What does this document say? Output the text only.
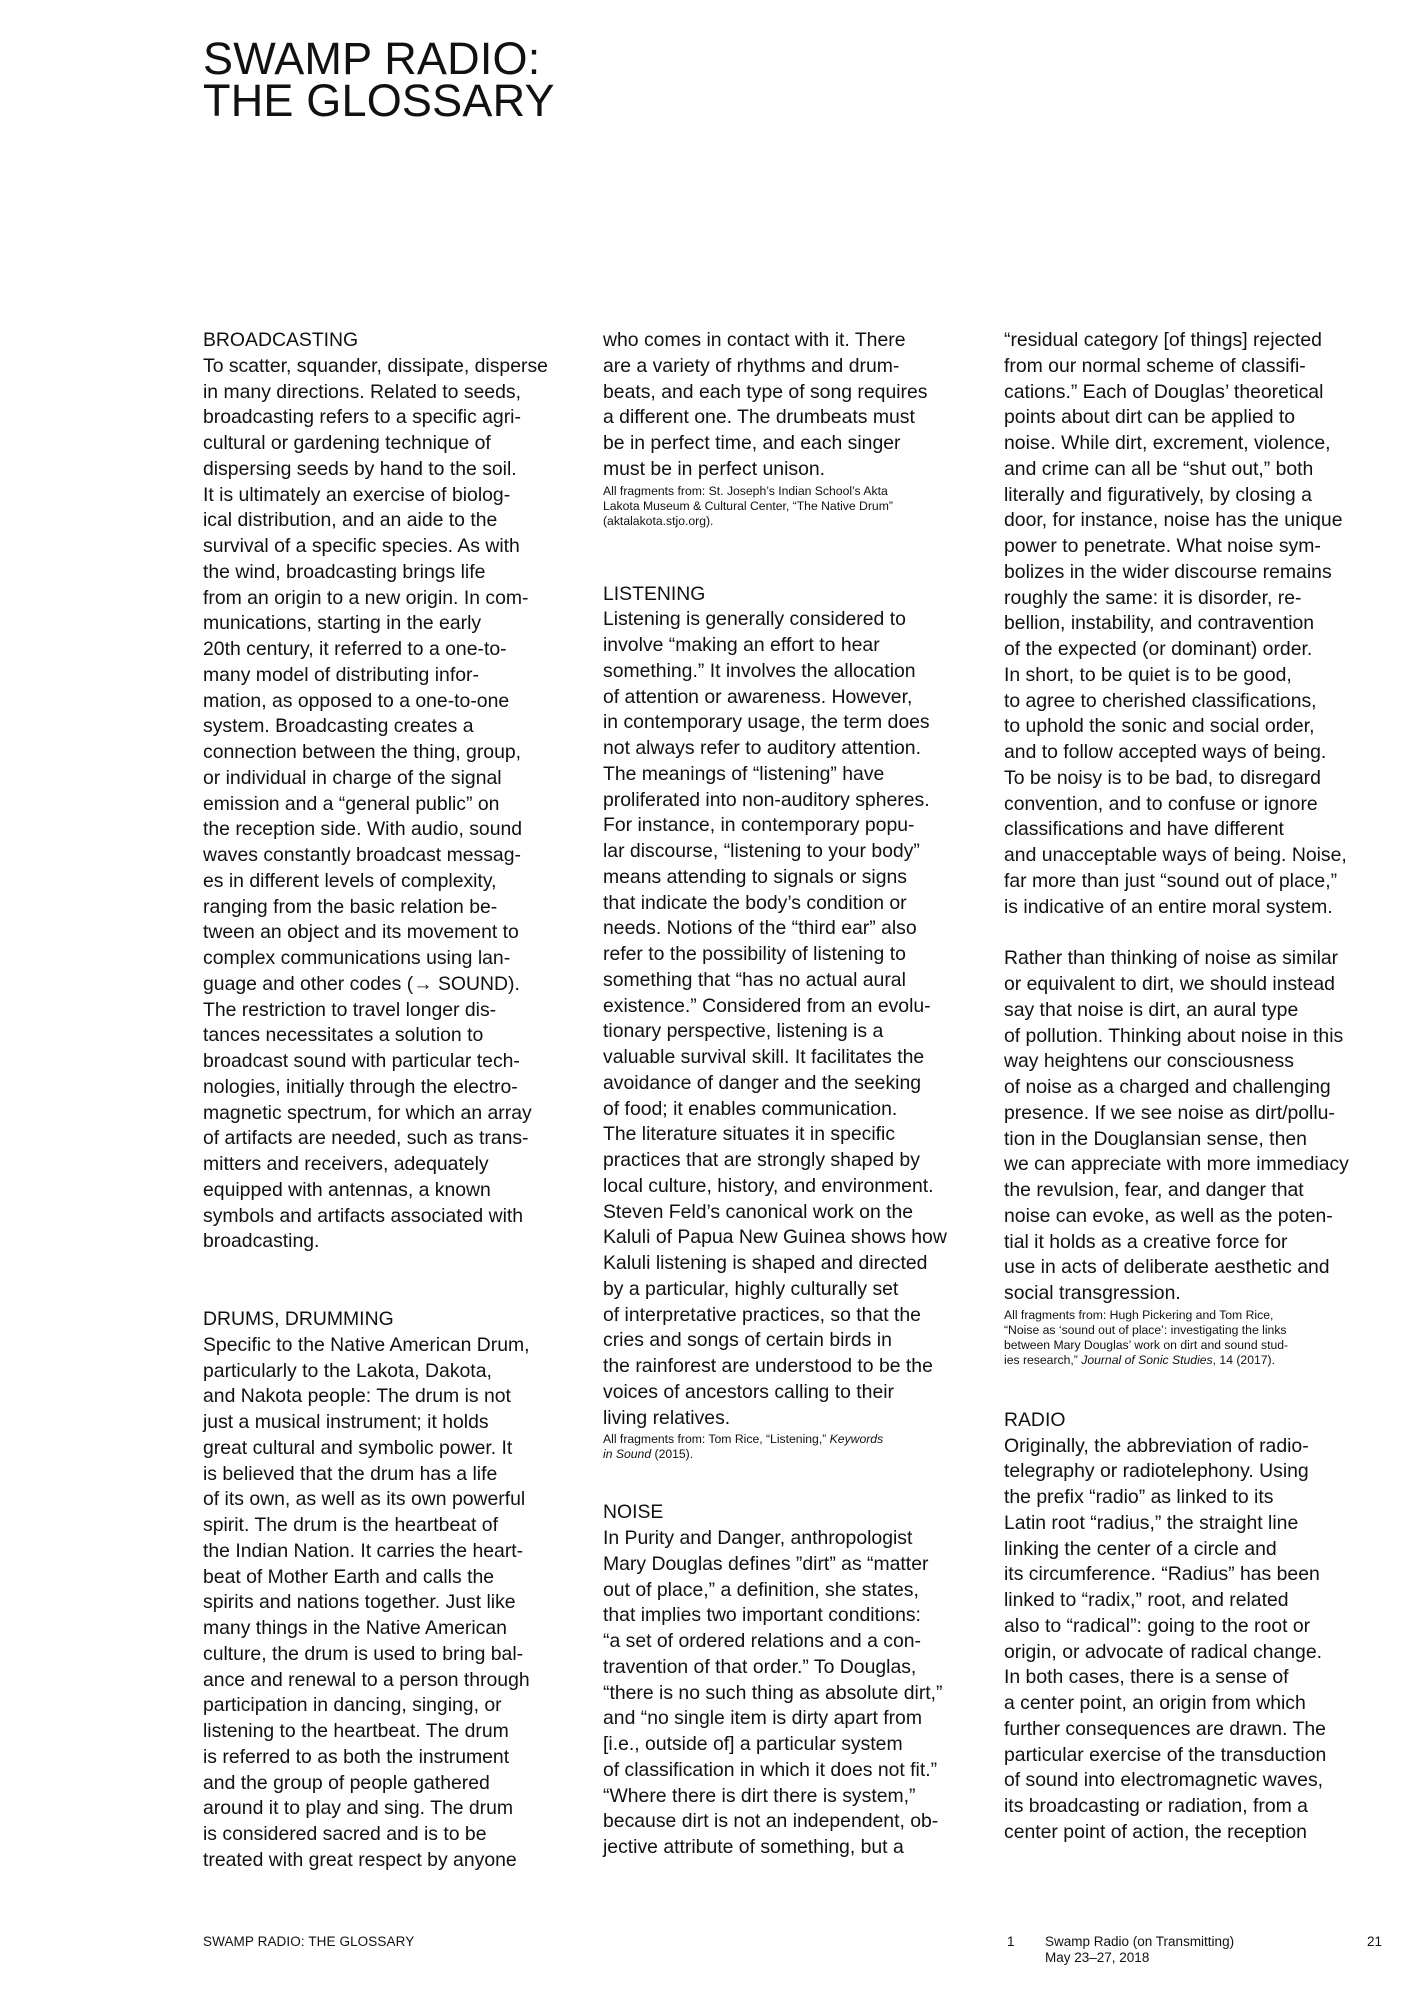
SWAMP RADIO:
THE GLOSSARY
BROADCASTING

To scatter, squander, dissipate, disperse
in many directions. Related to seeds,
broadcasting refers to a specific agri-
cultural or gardening technique of
dispersing seeds by hand to the soil.
It is ultimately an exercise of biolog-
ical distribution, and an aide to the
survival of a specific species. As with
the wind, broadcasting brings life
from an origin to a new origin. In com-
munications, starting in the early
20th century, it referred to a one-to-
many model of distributing infor-
mation, as opposed to a one-to-one
system. Broadcasting creates a
connection between the thing, group,
or individual in charge of the signal
emission and a “general public” on
the reception side. With audio, sound
waves constantly broadcast messag-
es in different levels of complexity,
ranging from the basic relation be-
tween an object and its movement to
complex communications using lan-
guage and other codes (→ SOUND).
The restriction to travel longer dis-
tances necessitates a solution to
broadcast sound with particular tech-
nologies, initially through the electro-
magnetic spectrum, for which an array
of artifacts are needed, such as trans-
mitters and receivers, adequately
equipped with antennas, a known
symbols and artifacts associated with
broadcasting.

DRUMS, DRUMMING

Specific to the Native American Drum,
particularly to the Lakota, Dakota,
and Nakota people: The drum is not
just a musical instrument; it holds
great cultural and symbolic power. It
is believed that the drum has a life
of its own, as well as its own powerful
spirit. The drum is the heartbeat of
the Indian Nation. It carries the heart-
beat of Mother Earth and calls the
spirits and nations together. Just like
many things in the Native American
culture, the drum is used to bring bal-
ance and renewal to a person through
participation in dancing, singing, or
listening to the heartbeat. The drum
is referred to as both the instrument
and the group of people gathered
around it to play and sing. The drum
is considered sacred and is to be
treated with great respect by anyone

who comes in contact with it. There
are a variety of rhythms and drum-
beats, and each type of song requires
a different one. The drumbeats must
be in perfect time, and each singer
must be in perfect unison.

All fragments from: St. Joseph’s Indian School’s Akta
Lakota Museum & Cultural Center, “The Native Drum”
(aktalakota.stjo.org).

LISTENING

Listening is generally considered to
involve “making an effort to hear
something.” It involves the allocation
of attention or awareness. However,
in contemporary usage, the term does
not always refer to auditory attention.
The meanings of “listening” have
proliferated into non-auditory spheres.
For instance, in contemporary popu-
lar discourse, “listening to your body”
means attending to signals or signs
that indicate the body’s condition or
needs. Notions of the “third ear” also
refer to the possibility of listening to
something that “has no actual aural
existence.” Considered from an evolu-
tionary perspective, listening is a
valuable survival skill. It facilitates the
avoidance of danger and the seeking
of food; it enables communication.
The literature situates it in specific
practices that are strongly shaped by
local culture, history, and environment.
Steven Feld’s canonical work on the
Kaluli of Papua New Guinea shows how
Kaluli listening is shaped and directed
by a particular, highly culturally set
of interpretative practices, so that the
cries and songs of certain birds in
the rainforest are understood to be the
voices of ancestors calling to their
living relatives.

All fragments from: Tom Rice, “Listening,” Keywords
in Sound (2015).

NOISE

In Purity and Danger, anthropologist
Mary Douglas defines ”dirt” as “matter
out of place,” a definition, she states,
that implies two important conditions:
“a set of ordered relations and a con-
travention of that order.” To Douglas,
“there is no such thing as absolute dirt,”
and “no single item is dirty apart from
[i.e., outside of] a particular system
of classification in which it does not fit.”
“Where there is dirt there is system,”
because dirt is not an independent, ob-
jective attribute of something, but a

“residual category [of things] rejected
from our normal scheme of classifi-
cations.” Each of Douglas’ theoretical
points about dirt can be applied to
noise. While dirt, excrement, violence,
and crime can all be “shut out,” both
literally and figuratively, by closing a
door, for instance, noise has the unique
power to penetrate. What noise sym-
bolizes in the wider discourse remains
roughly the same: it is disorder, re-
bellion, instability, and contravention
of the expected (or dominant) order.
In short, to be quiet is to be good,
to agree to cherished classifications,
to uphold the sonic and social order,
and to follow accepted ways of being.
To be noisy is to be bad, to disregard
convention, and to confuse or ignore
classifications and have different
and unacceptable ways of being. Noise,
far more than just “sound out of place,”
is indicative of an entire moral system.

Rather than thinking of noise as similar
or equivalent to dirt, we should instead
say that noise is dirt, an aural type
of pollution. Thinking about noise in this
way heightens our consciousness
of noise as a charged and challenging
presence. If we see noise as dirt/pollu-
tion in the Douglansian sense, then
we can appreciate with more immediacy
the revulsion, fear, and danger that
noise can evoke, as well as the poten-
tial it holds as a creative force for
use in acts of deliberate aesthetic and
social transgression.

All fragments from: Hugh Pickering and Tom Rice,
“Noise as ‘sound out of place’: investigating the links
between Mary Douglas’ work on dirt and sound stud-
ies research,” Journal of Sonic Studies, 14 (2017).

RADIO

Originally, the abbreviation of radio-
telegraphy or radiotelephony. Using
the prefix “radio” as linked to its
Latin root “radius,” the straight line
linking the center of a circle and
its circumference. “Radius” has been
linked to “radix,” root, and related
also to “radical”: going to the root or
origin, or advocate of radical change.
In both cases, there is a sense of
a center point, an origin from which
further consequences are drawn. The
particular exercise of the transduction
of sound into electromagnetic waves,
its broadcasting or radiation, from a
center point of action, the reception

SWAMP RADIO: THE GLOSSARY	1 Swamp Radio (on Transmitting)
May 23–27, 2018
21
